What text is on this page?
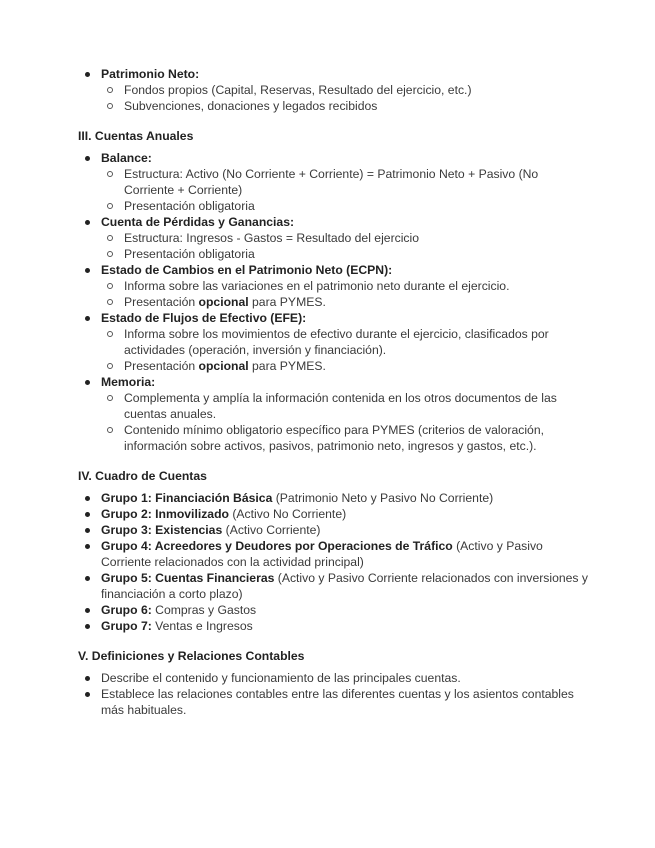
Patrimonio Neto:
Fondos propios (Capital, Reservas, Resultado del ejercicio, etc.)
Subvenciones, donaciones y legados recibidos
III. Cuentas Anuales
Balance:
Estructura: Activo (No Corriente + Corriente) = Patrimonio Neto + Pasivo (No Corriente + Corriente)
Presentación obligatoria
Cuenta de Pérdidas y Ganancias:
Estructura: Ingresos - Gastos = Resultado del ejercicio
Presentación obligatoria
Estado de Cambios en el Patrimonio Neto (ECPN):
Informa sobre las variaciones en el patrimonio neto durante el ejercicio.
Presentación opcional para PYMES.
Estado de Flujos de Efectivo (EFE):
Informa sobre los movimientos de efectivo durante el ejercicio, clasificados por actividades (operación, inversión y financiación).
Presentación opcional para PYMES.
Memoria:
Complementa y amplía la información contenida en los otros documentos de las cuentas anuales.
Contenido mínimo obligatorio específico para PYMES (criterios de valoración, información sobre activos, pasivos, patrimonio neto, ingresos y gastos, etc.).
IV. Cuadro de Cuentas
Grupo 1: Financiación Básica (Patrimonio Neto y Pasivo No Corriente)
Grupo 2: Inmovilizado (Activo No Corriente)
Grupo 3: Existencias (Activo Corriente)
Grupo 4: Acreedores y Deudores por Operaciones de Tráfico (Activo y Pasivo Corriente relacionados con la actividad principal)
Grupo 5: Cuentas Financieras (Activo y Pasivo Corriente relacionados con inversiones y financiación a corto plazo)
Grupo 6: Compras y Gastos
Grupo 7: Ventas e Ingresos
V. Definiciones y Relaciones Contables
Describe el contenido y funcionamiento de las principales cuentas.
Establece las relaciones contables entre las diferentes cuentas y los asientos contables más habituales.
